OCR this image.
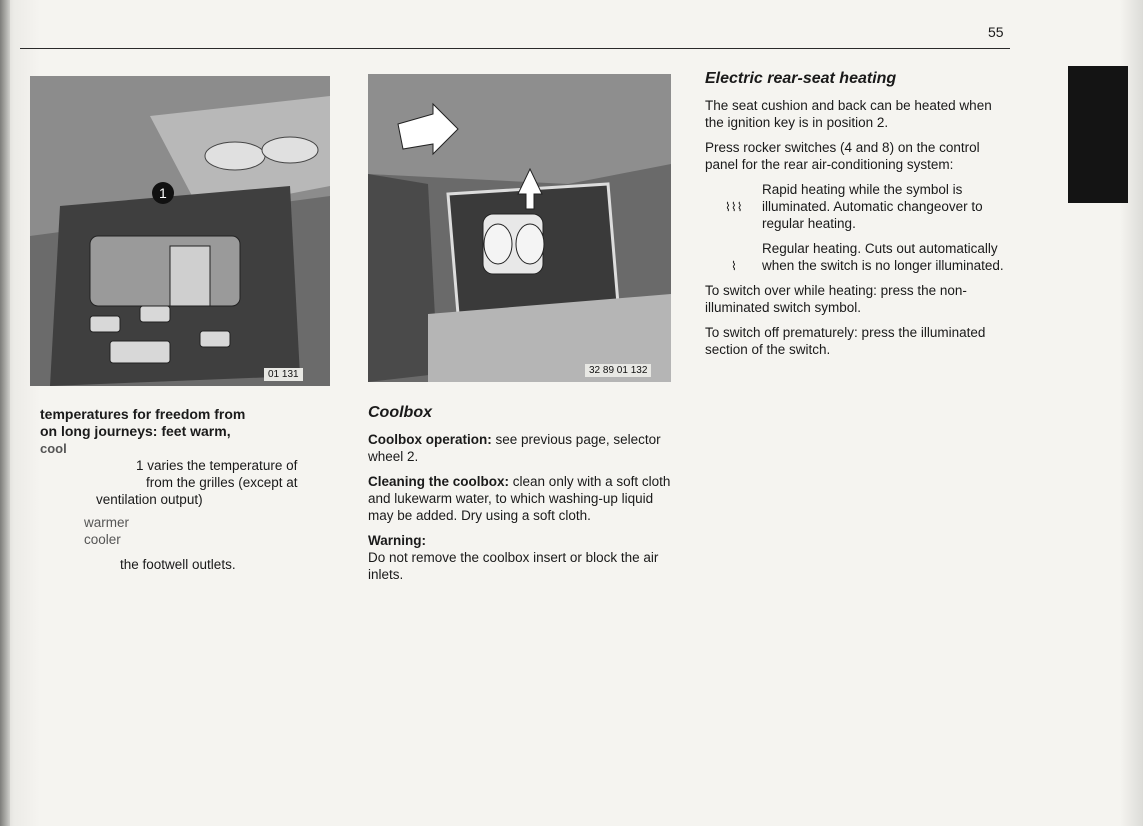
55
1
01 131	32 89 01 132
temperatures for freedom from
on long journeys: feet warm,
cool
1 varies the temperature of
from the grilles (except at
ventilation output)
warmer
cooler
the footwell outlets.
Coolbox

Coolbox operation: see previous page, selector wheel 2.

Cleaning the coolbox: clean only with a soft cloth and lukewarm water, to which washing-up liquid may be added. Dry using a soft cloth.

Warning:
Do not remove the coolbox insert or block the air inlets.
Electric rear-seat heating

The seat cushion and back can be heated when the ignition key is in position 2.

Press rocker switches (4 and 8) on the control panel for the rear air-conditioning system:

⌇⌇⌇
Rapid heating while the symbol is illuminated. Automatic changeover to regular heating.
⌇
Regular heating. Cuts out automatically when the switch is no longer illuminated.

To switch over while heating: press the non-illuminated switch symbol.

To switch off prematurely: press the illuminated section of the switch.
